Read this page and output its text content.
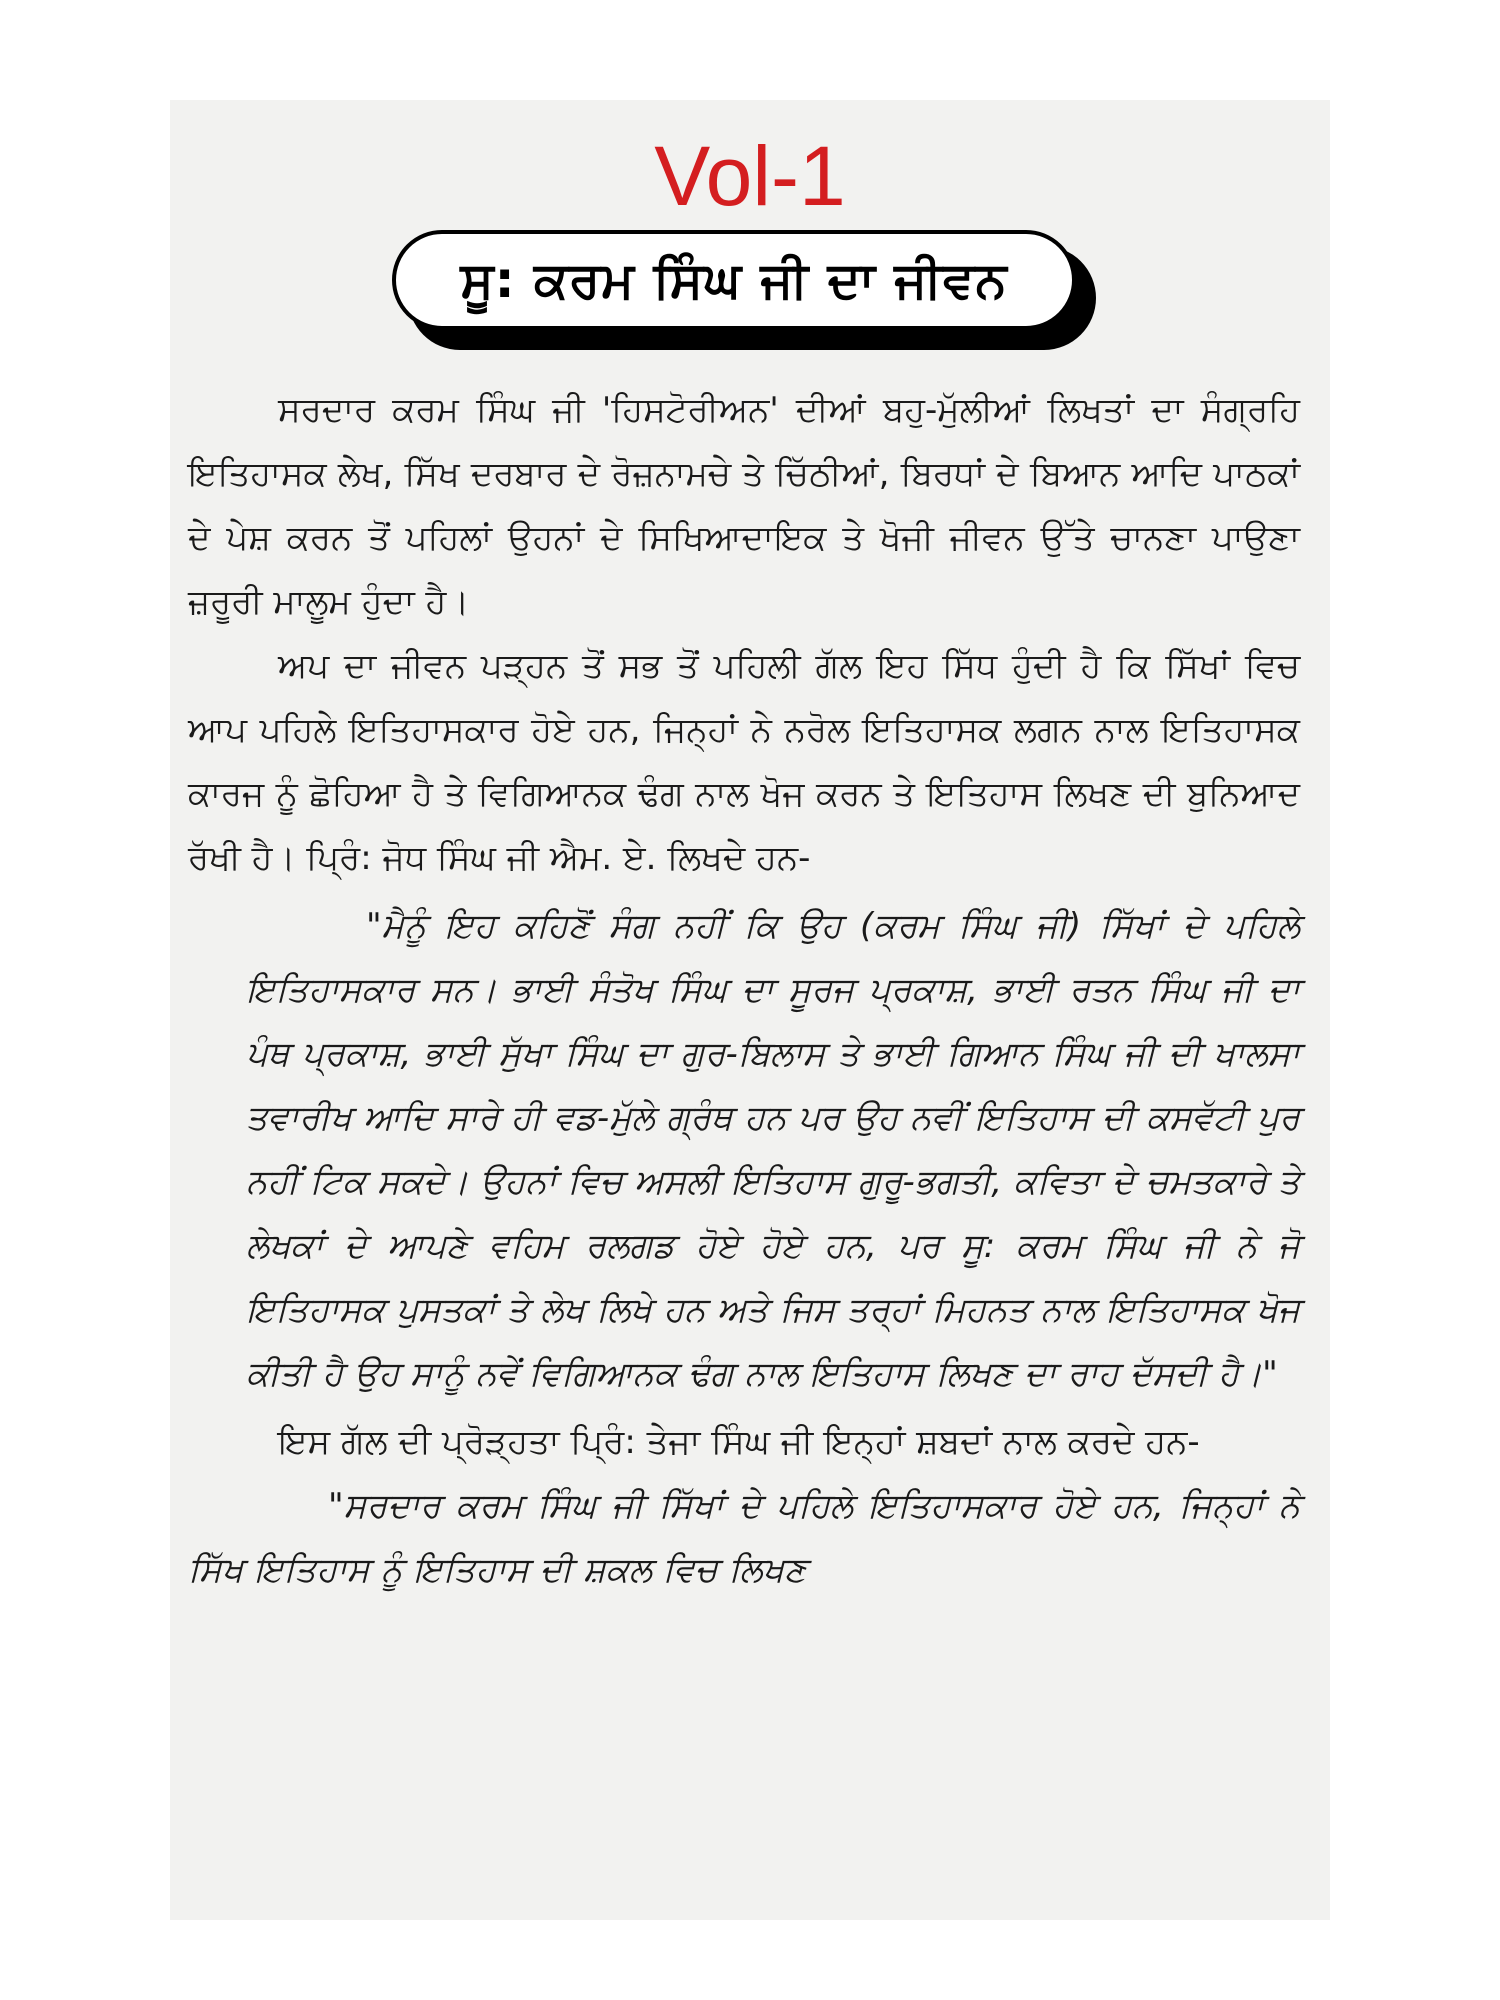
Vol-1
ਸੂ: ਕਰਮ ਸਿੰਘ ਜੀ ਦਾ ਜੀਵਨ

ਸਰਦਾਰ ਕਰਮ ਸਿੰਘ ਜੀ 'ਹਿਸਟੋਰੀਅਨ' ਦੀਆਂ ਬਹੁ-ਮੁੱਲੀਆਂ ਲਿਖਤਾਂ ਦਾ ਸੰਗ੍ਰਹਿ ਇਤਿਹਾਸਕ ਲੇਖ, ਸਿੱਖ ਦਰਬਾਰ ਦੇ ਰੋਜ਼ਨਾਮਚੇ ਤੇ ਚਿੱਠੀਆਂ, ਬਿਰਧਾਂ ਦੇ ਬਿਆਨ ਆਦਿ ਪਾਠਕਾਂ ਦੇ ਪੇਸ਼ ਕਰਨ ਤੋਂ ਪਹਿਲਾਂ ਉਹਨਾਂ ਦੇ ਸਿਖਿਆਦਾਇਕ ਤੇ ਖੋਜੀ ਜੀਵਨ ਉੱਤੇ ਚਾਨਣਾ ਪਾਉਣਾ ਜ਼ਰੂਰੀ ਮਾਲੂਮ ਹੁੰਦਾ ਹੈ।

ਅਪ ਦਾ ਜੀਵਨ ਪੜ੍ਹਨ ਤੋਂ ਸਭ ਤੋਂ ਪਹਿਲੀ ਗੱਲ ਇਹ ਸਿੱਧ ਹੁੰਦੀ ਹੈ ਕਿ ਸਿੱਖਾਂ ਵਿਚ ਆਪ ਪਹਿਲੇ ਇਤਿਹਾਸਕਾਰ ਹੋਏ ਹਨ, ਜਿਨ੍ਹਾਂ ਨੇ ਨਰੋਲ ਇਤਿਹਾਸਕ ਲਗਨ ਨਾਲ ਇਤਿਹਾਸਕ ਕਾਰਜ ਨੂੰ ਛੋਹਿਆ ਹੈ ਤੇ ਵਿਗਿਆਨਕ ਢੰਗ ਨਾਲ ਖੋਜ ਕਰਨ ਤੇ ਇਤਿਹਾਸ ਲਿਖਣ ਦੀ ਬੁਨਿਆਦ ਰੱਖੀ ਹੈ। ਪ੍ਰਿੰ: ਜੋਧ ਸਿੰਘ ਜੀ ਐਮ. ਏ. ਲਿਖਦੇ ਹਨ-

"ਮੈਨੂੰ ਇਹ ਕਹਿਣੋਂ ਸੰਗ ਨਹੀਂ ਕਿ ਉਹ (ਕਰਮ ਸਿੰਘ ਜੀ) ਸਿੱਖਾਂ ਦੇ ਪਹਿਲੇ ਇਤਿਹਾਸਕਾਰ ਸਨ। ਭਾਈ ਸੰਤੋਖ ਸਿੰਘ ਦਾ ਸੂਰਜ ਪ੍ਰਕਾਸ਼, ਭਾਈ ਰਤਨ ਸਿੰਘ ਜੀ ਦਾ ਪੰਥ ਪ੍ਰਕਾਸ਼, ਭਾਈ ਸੁੱਖਾ ਸਿੰਘ ਦਾ ਗੁਰ-ਬਿਲਾਸ ਤੇ ਭਾਈ ਗਿਆਨ ਸਿੰਘ ਜੀ ਦੀ ਖਾਲਸਾ ਤਵਾਰੀਖ ਆਦਿ ਸਾਰੇ ਹੀ ਵਡ-ਮੁੱਲੇ ਗ੍ਰੰਥ ਹਨ ਪਰ ਉਹ ਨਵੀਂ ਇਤਿਹਾਸ ਦੀ ਕਸਵੱਟੀ ਪੁਰ ਨਹੀਂ ਟਿਕ ਸਕਦੇ। ਉਹਨਾਂ ਵਿਚ ਅਸਲੀ ਇਤਿਹਾਸ ਗੁਰੂ-ਭਗਤੀ, ਕਵਿਤਾ ਦੇ ਚਮਤਕਾਰੇ ਤੇ ਲੇਖਕਾਂ ਦੇ ਆਪਣੇ ਵਹਿਮ ਰਲਗਡ ਹੋਏ ਹੋਏ ਹਨ, ਪਰ ਸੂ: ਕਰਮ ਸਿੰਘ ਜੀ ਨੇ ਜੋ ਇਤਿਹਾਸਕ ਪੁਸਤਕਾਂ ਤੇ ਲੇਖ ਲਿਖੇ ਹਨ ਅਤੇ ਜਿਸ ਤਰ੍ਹਾਂ ਮਿਹਨਤ ਨਾਲ ਇਤਿਹਾਸਕ ਖੋਜ ਕੀਤੀ ਹੈ ਉਹ ਸਾਨੂੰ ਨਵੇਂ ਵਿਗਿਆਨਕ ਢੰਗ ਨਾਲ ਇਤਿਹਾਸ ਲਿਖਣ ਦਾ ਰਾਹ ਦੱਸਦੀ ਹੈ।"

ਇਸ ਗੱਲ ਦੀ ਪ੍ਰੋੜ੍ਹਤਾ ਪ੍ਰਿੰ: ਤੇਜਾ ਸਿੰਘ ਜੀ ਇਨ੍ਹਾਂ ਸ਼ਬਦਾਂ ਨਾਲ ਕਰਦੇ ਹਨ-

"ਸਰਦਾਰ ਕਰਮ ਸਿੰਘ ਜੀ ਸਿੱਖਾਂ ਦੇ ਪਹਿਲੇ ਇਤਿਹਾਸਕਾਰ ਹੋਏ ਹਨ, ਜਿਨ੍ਹਾਂ ਨੇ ਸਿੱਖ ਇਤਿਹਾਸ ਨੂੰ ਇਤਿਹਾਸ ਦੀ ਸ਼ਕਲ ਵਿਚ ਲਿਖਣ
